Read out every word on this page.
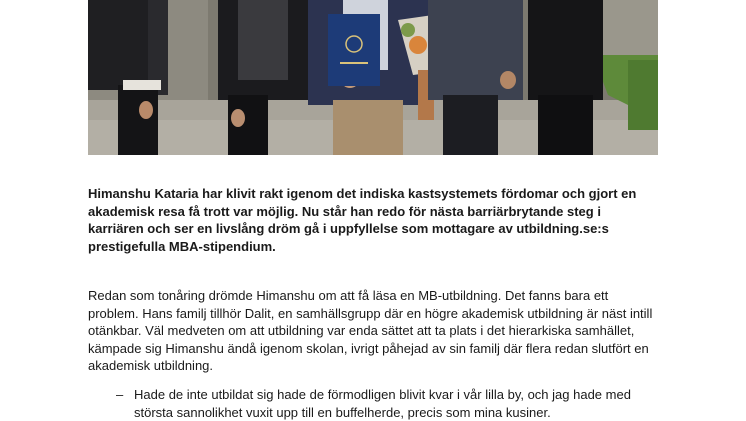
Himanshu Kataria har klivit rakt igenom det indiska kastsystemets fördomar och gjort en akademisk resa få trott var möjlig. Nu står han redo för nästa barriärbrytande steg i karriären och ser en livslång dröm gå i uppfyllelse som mottagare av utbildning.se:s prestigefulla MBA-stipendium.

Redan som tonåring drömde Himanshu om att få läsa en MB-utbildning. Det fanns bara ett problem. Hans familj tillhör Dalit, en samhällsgrupp där en högre akademisk utbildning är näst intill otänkbar. Väl medveten om att utbildning var enda sättet att ta plats i det hierarkiska samhället, kämpade sig Himanshu ändå igenom skolan, ivrigt påhejad av sin familj där flera redan slutfört en akademisk utbildning.

– Hade de inte utbildat sig hade de förmodligen blivit kvar i vår lilla by, och jag hade med största sannolikhet vuxit upp till en buffelherde, precis som mina kusiner.
